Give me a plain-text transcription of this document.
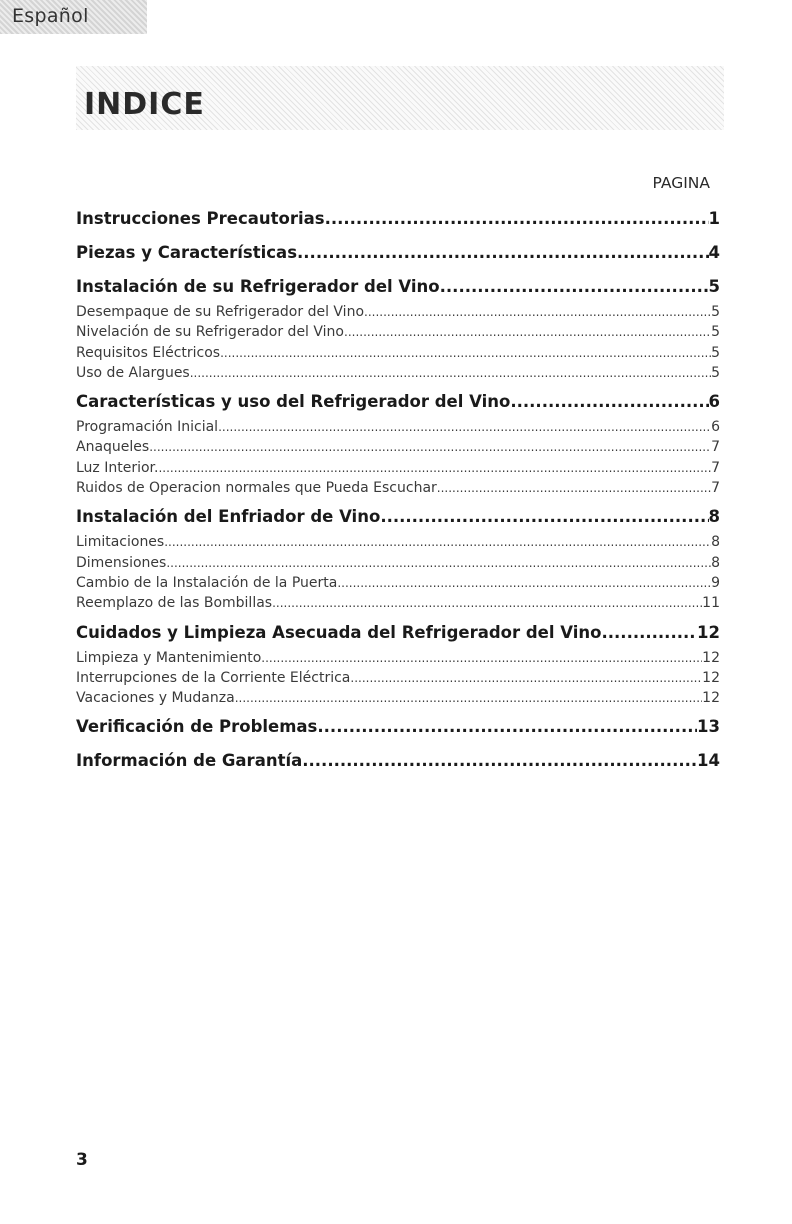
Español
INDICE
PAGINA
Instrucciones Precautorias .....	1
Piezas y Características .....	4
Instalación de su Refrigerador del Vino .....	5
Desempaque de su Refrigerador del Vino .....	5
Nivelación de su Refrigerador del Vino .....	5
Requisitos Eléctricos .....	5
Uso de Alargues .....	5
Características y uso del Refrigerador del Vino .....	6
Programación Inicial .....	6
Anaqueles .....	7
Luz Interior. .....	7
Ruidos de Operacion normales que Pueda Escuchar .....	7
Instalación del Enfriador de Vino .....	8
Limitaciones .....	8
Dimensiones .....	8
Cambio de la Instalación de la Puerta .....	9
Reemplazo de las Bombillas .....	11
Cuidados y Limpieza Asecuada del Refrigerador del Vino .....	12
Limpieza y Mantenimiento .....	12
Interrupciones de la Corriente Eléctrica .....	12
Vacaciones y Mudanza .....	12
Verificación de Problemas .....	13
Información de Garantía .....	14
3
